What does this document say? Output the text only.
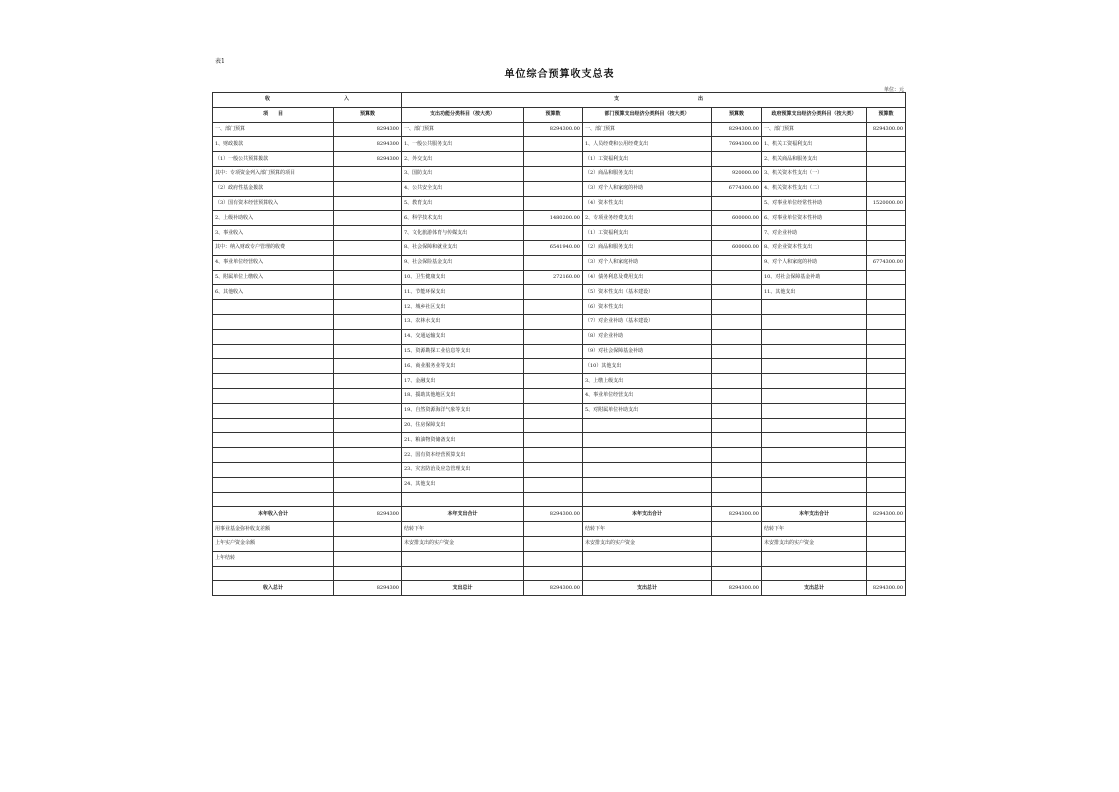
表1
单位综合预算收支总表
单位：元
收 入		支 出					

项　　目	预算数	支出功能分类科目（按大类）	预算数	部门预算支出经济分类科目（按大类）	预算数	政府预算支出经济分类科目（按大类）	预算数
一、部门预算	8294300	一、部门预算	8294300.00	一、部门预算	8294300.00	一、部门预算	8294300.00
1、财政拨款	8294300	1、一般公共服务支出		1、人员经费和公用经费支出	7694300.00	1、机关工资福利支出	
（1）一般公共预算拨款	8294300	2、外交支出		（1）工资福利支出		2、机关商品和服务支出	
其中：专项资金列入部门预算的项目		3、国防支出		（2）商品和服务支出	920000.00	3、机关资本性支出（一）	
（2）政府性基金拨款		4、公共安全支出		（3）对个人和家庭的补助	6774300.00	4、机关资本性支出（二）	
（3）国有资本经营预算收入		5、教育支出		（4）资本性支出		5、对事业单位经常性补助	1520000.00
2、上级补助收入		6、科学技术支出	1480200.00	2、专项业务经费支出	600000.00	6、对事业单位资本性补助	
3、事业收入		7、文化旅游体育与传媒支出		（1）工资福利支出		7、对企业补助	
其中：纳入财政专户管理的收费		8、社会保障和就业支出	6541940.00	（2）商品和服务支出	600000.00	8、对企业资本性支出	
4、事业单位经营收入		9、社会保险基金支出		（3）对个人和家庭补助		9、对个人和家庭的补助	6774300.00
5、附属单位上缴收入		10、卫生健康支出	272160.00	（4）债务利息及费用支出		10、对社会保障基金补助	
6、其他收入		11、节能环保支出		（5）资本性支出（基本建设）		11、其他支出	
		12、城乡社区支出		（6）资本性支出			
		13、农林水支出		（7）对企业补助（基本建设）			
		14、交通运输支出		（8）对企业补助			
		15、资源勘探工业信息等支出		（9）对社会保障基金补助			
		16、商业服务业等支出		（10）其他支出			
		17、金融支出		3、上缴上级支出			
		18、援助其他地区支出		4、事业单位经营支出			
		19、自然资源海洋气象等支出		5、对附属单位补助支出			
		20、住房保障支出					
		21、粮油物资储备支出					
		22、国有资本经营预算支出					
		23、灾害防治及应急管理支出					
		24、其他支出					

本年收入合计	8294300	本年支出合计	8294300.00	本年支出合计	8294300.00	本年支出合计	8294300.00
用事业基金弥补收支差额		结转下年		结转下年		结转下年	
上年实户资金余额		未安排支出的实户资金		未安排支出的实户资金		未安排支出的实户资金	
上年结转							

收入总计	8294300	支出总计	8294300.00	支出总计	8294300.00	支出总计	8294300.00
